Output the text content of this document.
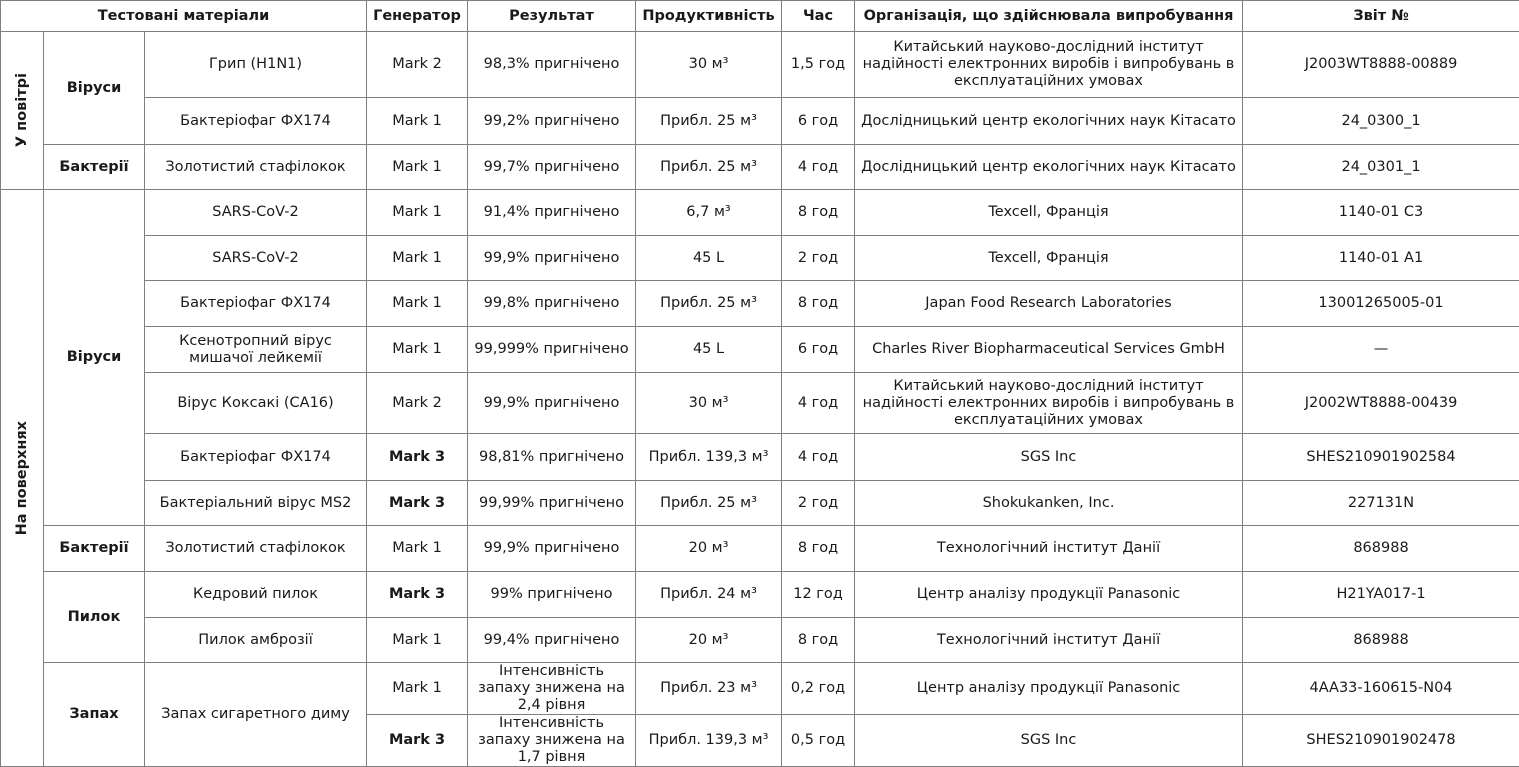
Тестовані матеріали			Генератор	Результат	Продуктивність	Час	Організація, що здійснювала випробування	Звіт №

У повітрі	Віруси	Грип (H1N1)	Mark 2	98,3% пригнічено	30 м³	1,5 год	Китайський науково-дослідний інститут надійності електронних виробів і випробувань в експлуатаційних умовах	J2003WT8888-00889
		Бактеріофаг ФХ174	Mark 1	99,2% пригнічено	Прибл. 25 м³	6 год	Дослідницький центр екологічних наук Кітасато	24_0300_1
	Бактерії	Золотистий стафілокок	Mark 1	99,7% пригнічено	Прибл. 25 м³	4 год	Дослідницький центр екологічних наук Кітасато	24_0301_1

На поверхнях	Віруси	SARS-CoV-2	Mark 1	91,4% пригнічено	6,7 м³	8 год	Texcell, Франція	1140-01 C3
		SARS-CoV-2	Mark 1	99,9% пригнічено	45 L	2 год	Texcell, Франція	1140-01 A1
		Бактеріофаг ФХ174	Mark 1	99,8% пригнічено	Прибл. 25 м³	8 год	Japan Food Research Laboratories	13001265005-01
		Ксенотропний вірус мишачої лейкемії	Mark 1	99,999% пригнічено	45 L	6 год	Charles River Biopharmaceutical Services GmbH	—
		Вірус Коксакі (CA16)	Mark 2	99,9% пригнічено	30 м³	4 год	Китайський науково-дослідний інститут надійності електронних виробів і випробувань в експлуатаційних умовах	J2002WT8888-00439
		Бактеріофаг ФХ174	Mark 3	98,81% пригнічено	Прибл. 139,3 м³	4 год	SGS Inc	SHES210901902584
		Бактеріальний вірус MS2	Mark 3	99,99% пригнічено	Прибл. 25 м³	2 год	Shokukanken, Inc.	227131N
	Бактерії	Золотистий стафілокок	Mark 1	99,9% пригнічено	20 м³	8 год	Технологічний інститут Данії	868988
	Пилок	Кедровий пилок	Mark 3	99% пригнічено	Прибл. 24 м³	12 год	Центр аналізу продукції Panasonic	H21YA017-1
		Пилок амброзії	Mark 1	99,4% пригнічено	20 м³	8 год	Технологічний інститут Данії	868988
	Запах	Запах сигаретного диму	Mark 1	Інтенсивність запаху знижена на 2,4 рівня	Прибл. 23 м³	0,2 год	Центр аналізу продукції Panasonic	4AA33-160615-N04
			Mark 3	Інтенсивність запаху знижена на 1,7 рівня	Прибл. 139,3 м³	0,5 год	SGS Inc	SHES210901902478
